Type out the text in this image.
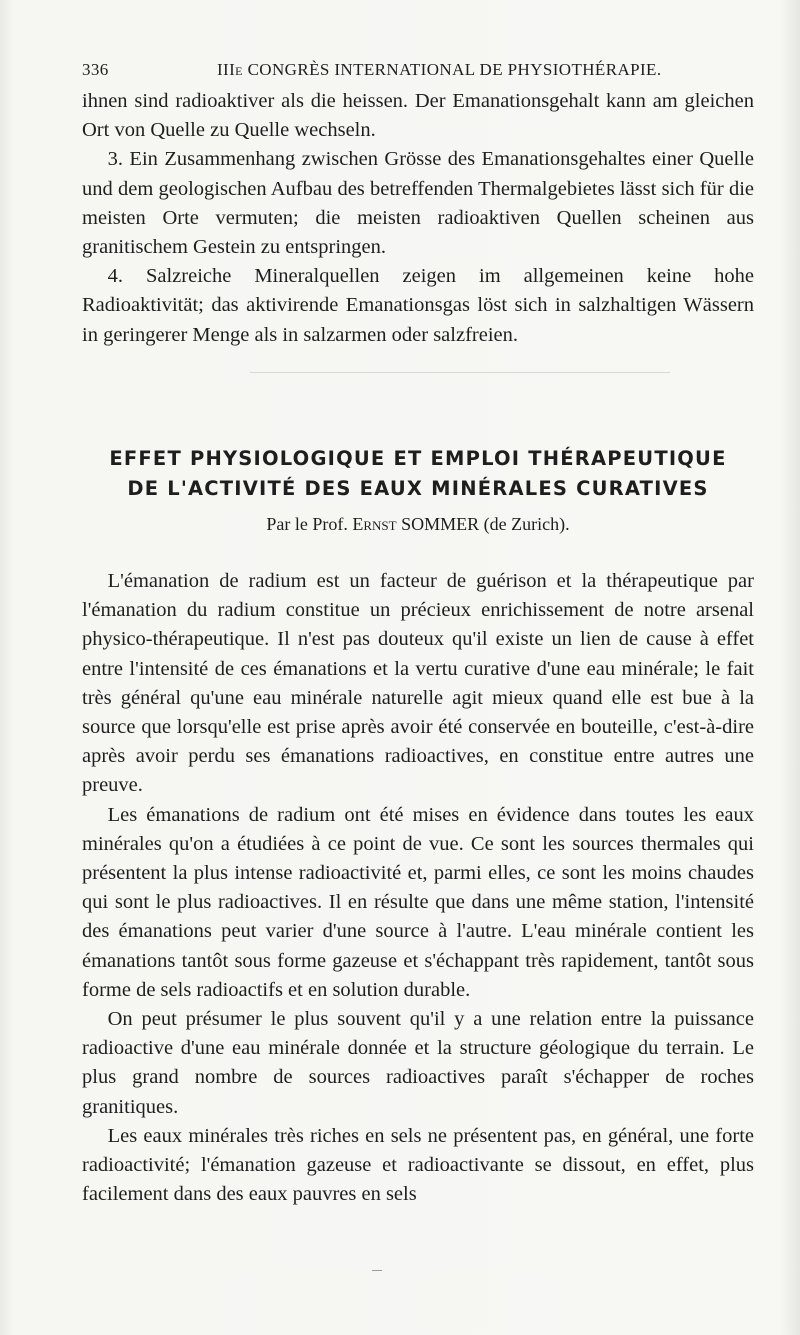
336	IIIe CONGRÈS INTERNATIONAL DE PHYSIOTHÉRAPIE.

ihnen sind radioaktiver als die heissen. Der Emanationsgehalt kann am gleichen Ort von Quelle zu Quelle wechseln.

3. Ein Zusammenhang zwischen Grösse des Emanationsgehaltes einer Quelle und dem geologischen Aufbau des betreffenden Thermalgebietes lässt sich für die meisten Orte vermuten; die meisten radioaktiven Quellen scheinen aus granitischem Gestein zu entspringen.

4. Salzreiche Mineralquellen zeigen im allgemeinen keine hohe Radioaktivität; das aktivirende Emanationsgas löst sich in salzhaltigen Wässern in geringerer Menge als in salzarmen oder salzfreien.

EFFET PHYSIOLOGIQUE ET EMPLOI THÉRAPEUTIQUE
DE L'ACTIVITÉ DES EAUX MINÉRALES CURATIVES
Par le Prof. Ernst SOMMER (de Zurich).

L'émanation de radium est un facteur de guérison et la thérapeutique par l'émanation du radium constitue un précieux enrichissement de notre arsenal physico-thérapeutique. Il n'est pas douteux qu'il existe un lien de cause à effet entre l'intensité de ces émanations et la vertu curative d'une eau minérale; le fait très général qu'une eau minérale naturelle agit mieux quand elle est bue à la source que lorsqu'elle est prise après avoir été conservée en bouteille, c'est-à-dire après avoir perdu ses émanations radioactives, en constitue entre autres une preuve.

Les émanations de radium ont été mises en évidence dans toutes les eaux minérales qu'on a étudiées à ce point de vue. Ce sont les sources thermales qui présentent la plus intense radioactivité et, parmi elles, ce sont les moins chaudes qui sont le plus radioactives. Il en résulte que dans une même station, l'intensité des émanations peut varier d'une source à l'autre. L'eau minérale contient les émanations tantôt sous forme gazeuse et s'échappant très rapidement, tantôt sous forme de sels radioactifs et en solution durable.

On peut présumer le plus souvent qu'il y a une relation entre la puissance radioactive d'une eau minérale donnée et la structure géologique du terrain. Le plus grand nombre de sources radioactives paraît s'échapper de roches granitiques.

Les eaux minérales très riches en sels ne présentent pas, en général, une forte radioactivité; l'émanation gazeuse et radioactivante se dissout, en effet, plus facilement dans des eaux pauvres en sels
